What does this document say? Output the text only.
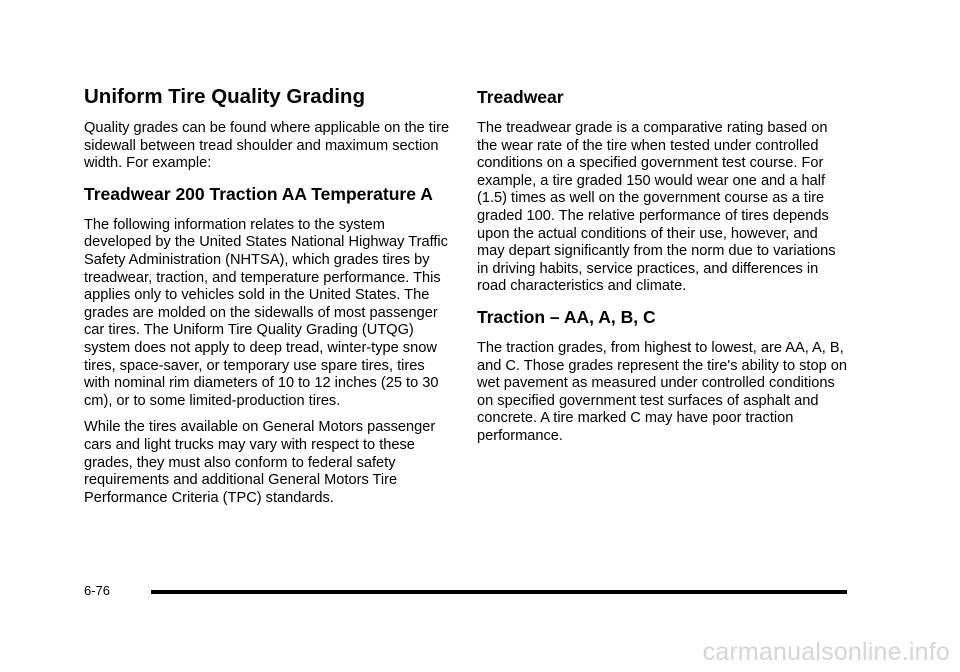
Uniform Tire Quality Grading

Quality grades can be found where applicable on the tire sidewall between tread shoulder and maximum section width. For example:

Treadwear 200 Traction AA Temperature A

The following information relates to the system developed by the United States National Highway Traffic Safety Administration (NHTSA), which grades tires by treadwear, traction, and temperature performance. This applies only to vehicles sold in the United States. The grades are molded on the sidewalls of most passenger car tires. The Uniform Tire Quality Grading (UTQG) system does not apply to deep tread, winter-type snow tires, space-saver, or temporary use spare tires, tires with nominal rim diameters of 10 to 12 inches (25 to 30 cm), or to some limited-production tires.

While the tires available on General Motors passenger cars and light trucks may vary with respect to these grades, they must also conform to federal safety requirements and additional General Motors Tire Performance Criteria (TPC) standards.

Treadwear

The treadwear grade is a comparative rating based on the wear rate of the tire when tested under controlled conditions on a specified government test course. For example, a tire graded 150 would wear one and a half (1.5) times as well on the government course as a tire graded 100. The relative performance of tires depends upon the actual conditions of their use, however, and may depart significantly from the norm due to variations in driving habits, service practices, and differences in road characteristics and climate.

Traction – AA, A, B, C

The traction grades, from highest to lowest, are AA, A, B, and C. Those grades represent the tire's ability to stop on wet pavement as measured under controlled conditions on specified government test surfaces of asphalt and concrete. A tire marked C may have poor traction performance.

6-76
carmanualsonline.info
